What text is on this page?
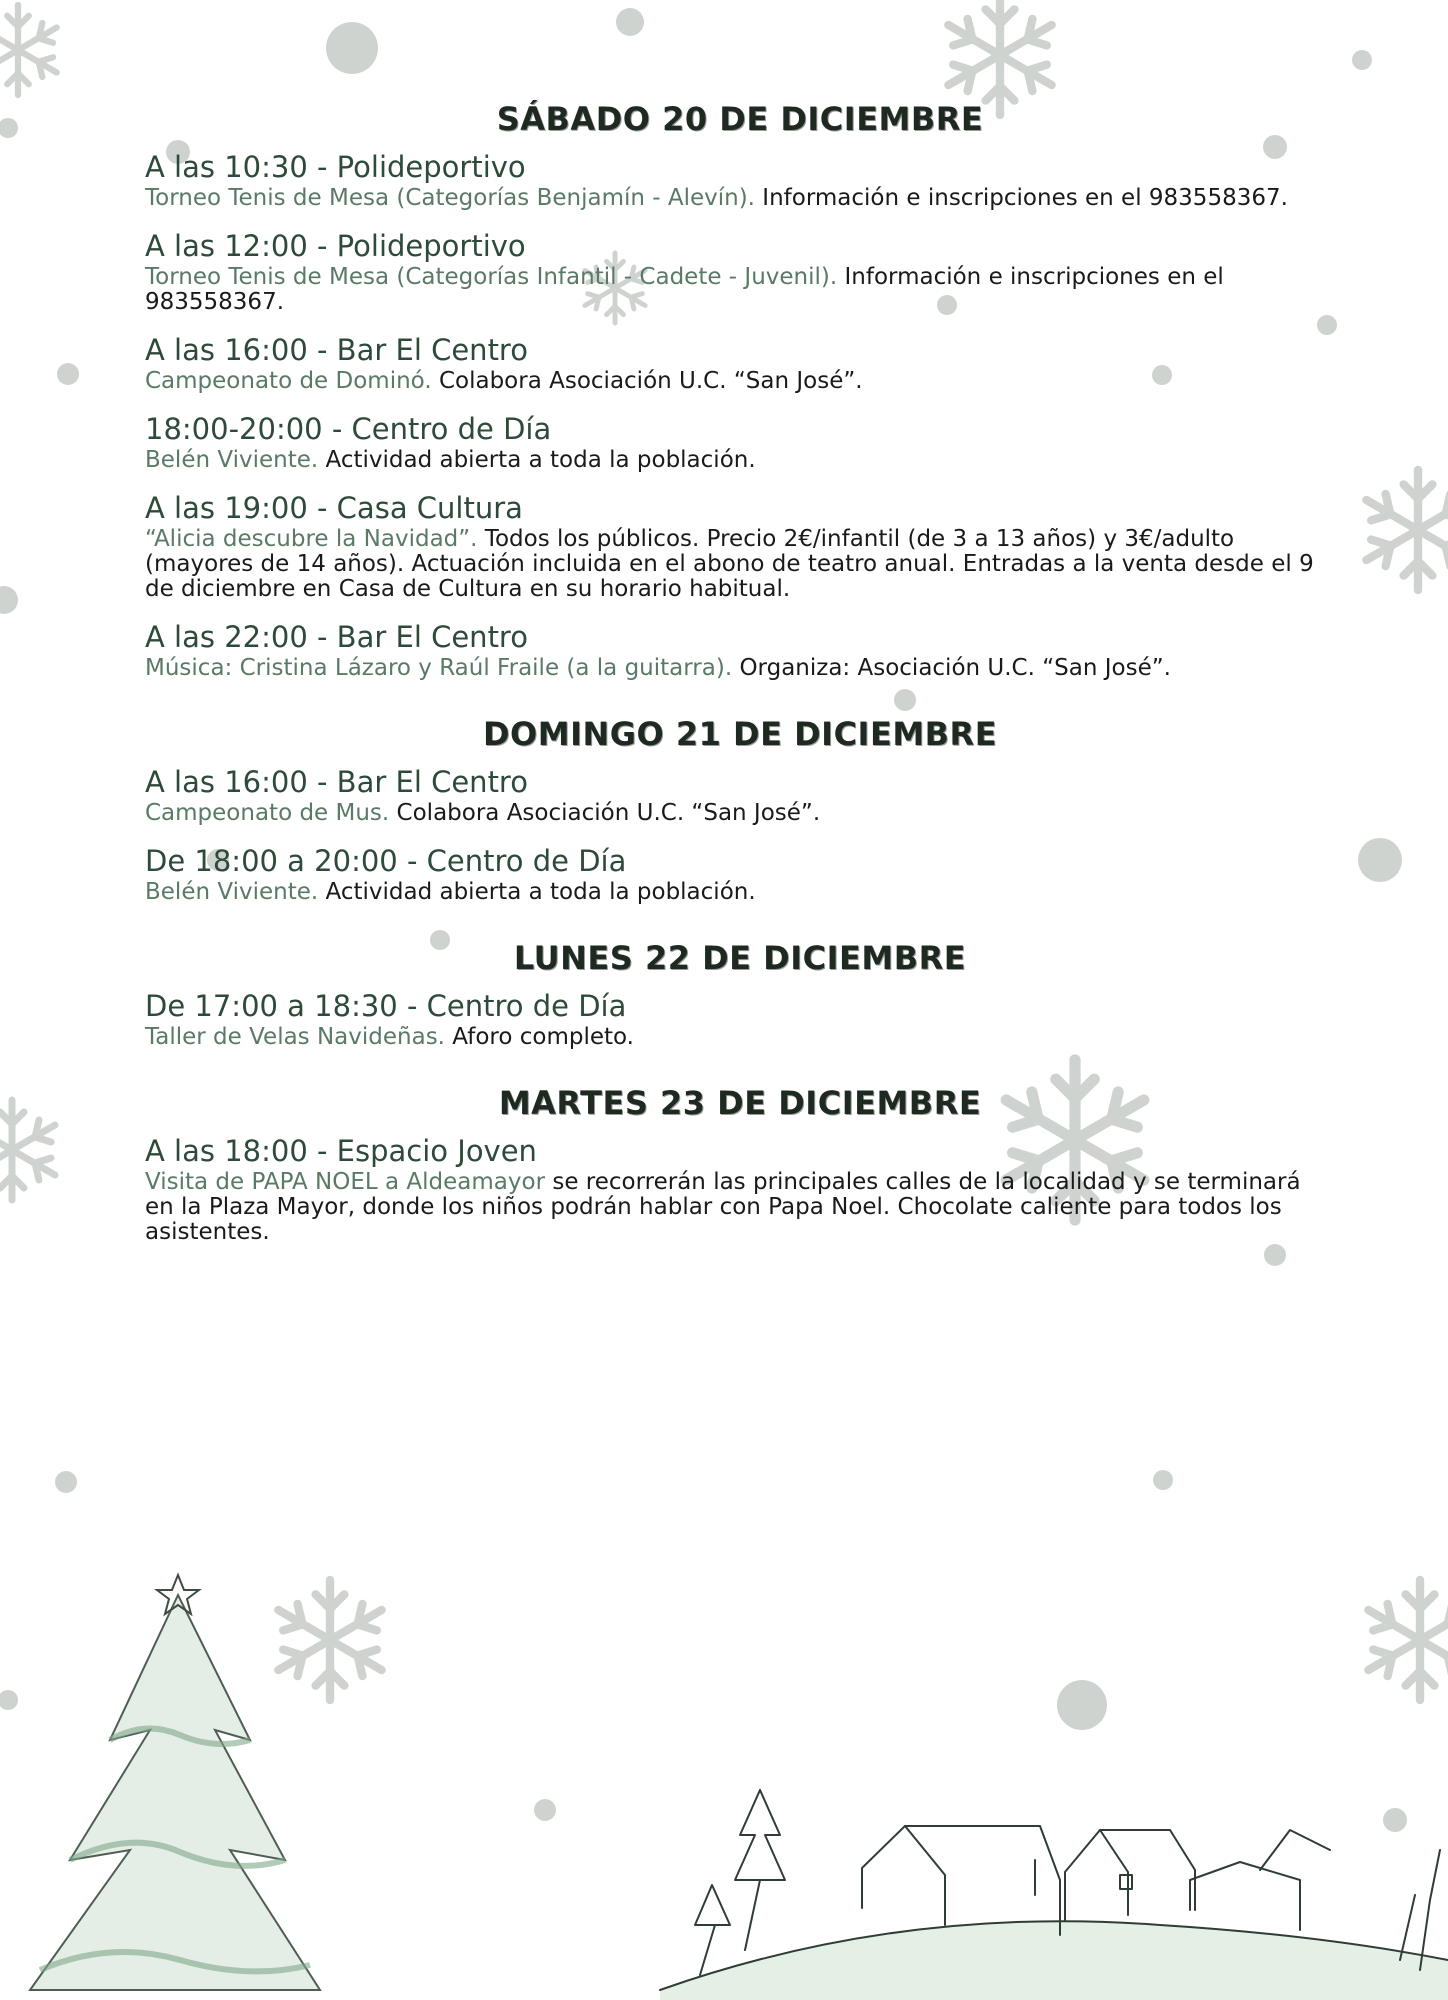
SÁBADO 20 DE DICIEMBRE
A las 10:30 - Polideportivo

Torneo Tenis de Mesa (Categorías Benjamín - Alevín). Información e inscripciones en el 983558367.

A las 12:00 - Polideportivo

Torneo Tenis de Mesa (Categorías Infantil - Cadete - Juvenil). Información e inscripciones en el 983558367.

A las 16:00 - Bar El Centro

Campeonato de Dominó. Colabora Asociación U.C. “San José”.

18:00-20:00 - Centro de Día

Belén Viviente. Actividad abierta a toda la población.

A las 19:00 - Casa Cultura

“Alicia descubre la Navidad”. Todos los públicos. Precio 2€/infantil (de 3 a 13 años) y 3€/adulto (mayores de 14 años). Actuación incluida en el abono de teatro anual. Entradas a la venta desde el 9 de diciembre en Casa de Cultura en su horario habitual.

A las 22:00 - Bar El Centro

Música: Cristina Lázaro y Raúl Fraile (a la guitarra). Organiza: Asociación U.C. “San José”.

DOMINGO 21 DE DICIEMBRE
A las 16:00 - Bar El Centro

Campeonato de Mus. Colabora Asociación U.C. “San José”.

De 18:00 a 20:00 - Centro de Día

Belén Viviente. Actividad abierta a toda la población.

LUNES 22 DE DICIEMBRE
De 17:00 a 18:30 - Centro de Día

Taller de Velas Navideñas. Aforo completo.

MARTES 23 DE DICIEMBRE
A las 18:00 - Espacio Joven

Visita de PAPA NOEL a Aldeamayor se recorrerán las principales calles de la localidad y se terminará en la Plaza Mayor, donde los niños podrán hablar con Papa Noel. Chocolate caliente para todos los asistentes.
